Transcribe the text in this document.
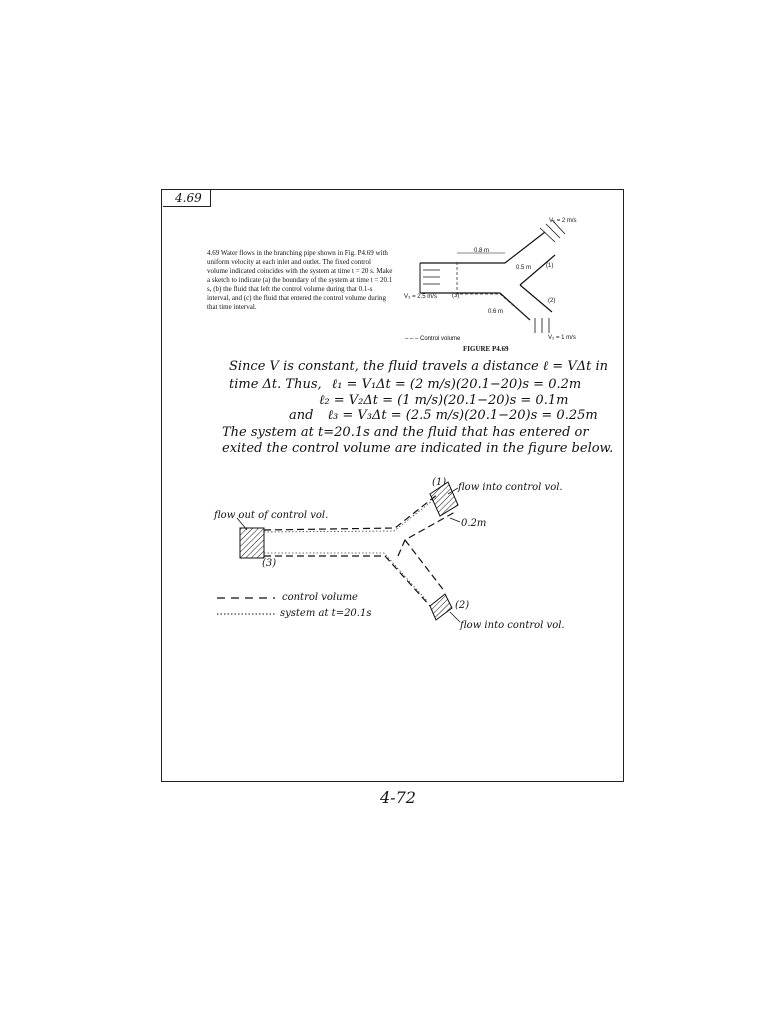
4.69
4.69 Water flows in the branching pipe shown in Fig. P4.69 with uniform velocity at each inlet and outlet. The fixed control volume indicated coincides with the system at time t = 20 s. Make a sketch to indicate (a) the boundary of the system at time t = 20.1 s, (b) the fluid that left the control volume during that 0.1-s interval, and (c) the fluid that entered the control volume during that time interval.
V₁ = 2 m/s
0.8 m
0.5 m (1)
V₃ = 2.5 m/s	(3)
(2)
0.6 m
V₂ = 1 m/s
– – – Control volume
FIGURE P4.69
Since V is constant, the fluid travels a distance ℓ = VΔt in
time Δt. Thus, ℓ₁ = V₁Δt = (2 m/s)(20.1−20)s = 0.2m
ℓ₂ = V₂Δt = (1 m/s)(20.1−20)s = 0.1m
and ℓ₃ = V₃Δt = (2.5 m/s)(20.1−20)s = 0.25m
The system at t=20.1s and the fluid that has entered or
exited the control volume are indicated in the figure below.
flow out of control vol.
(3)
(1) flow into control vol.
0.2m
(2)
flow into control vol.
control volume
system at t=20.1s
4-72
